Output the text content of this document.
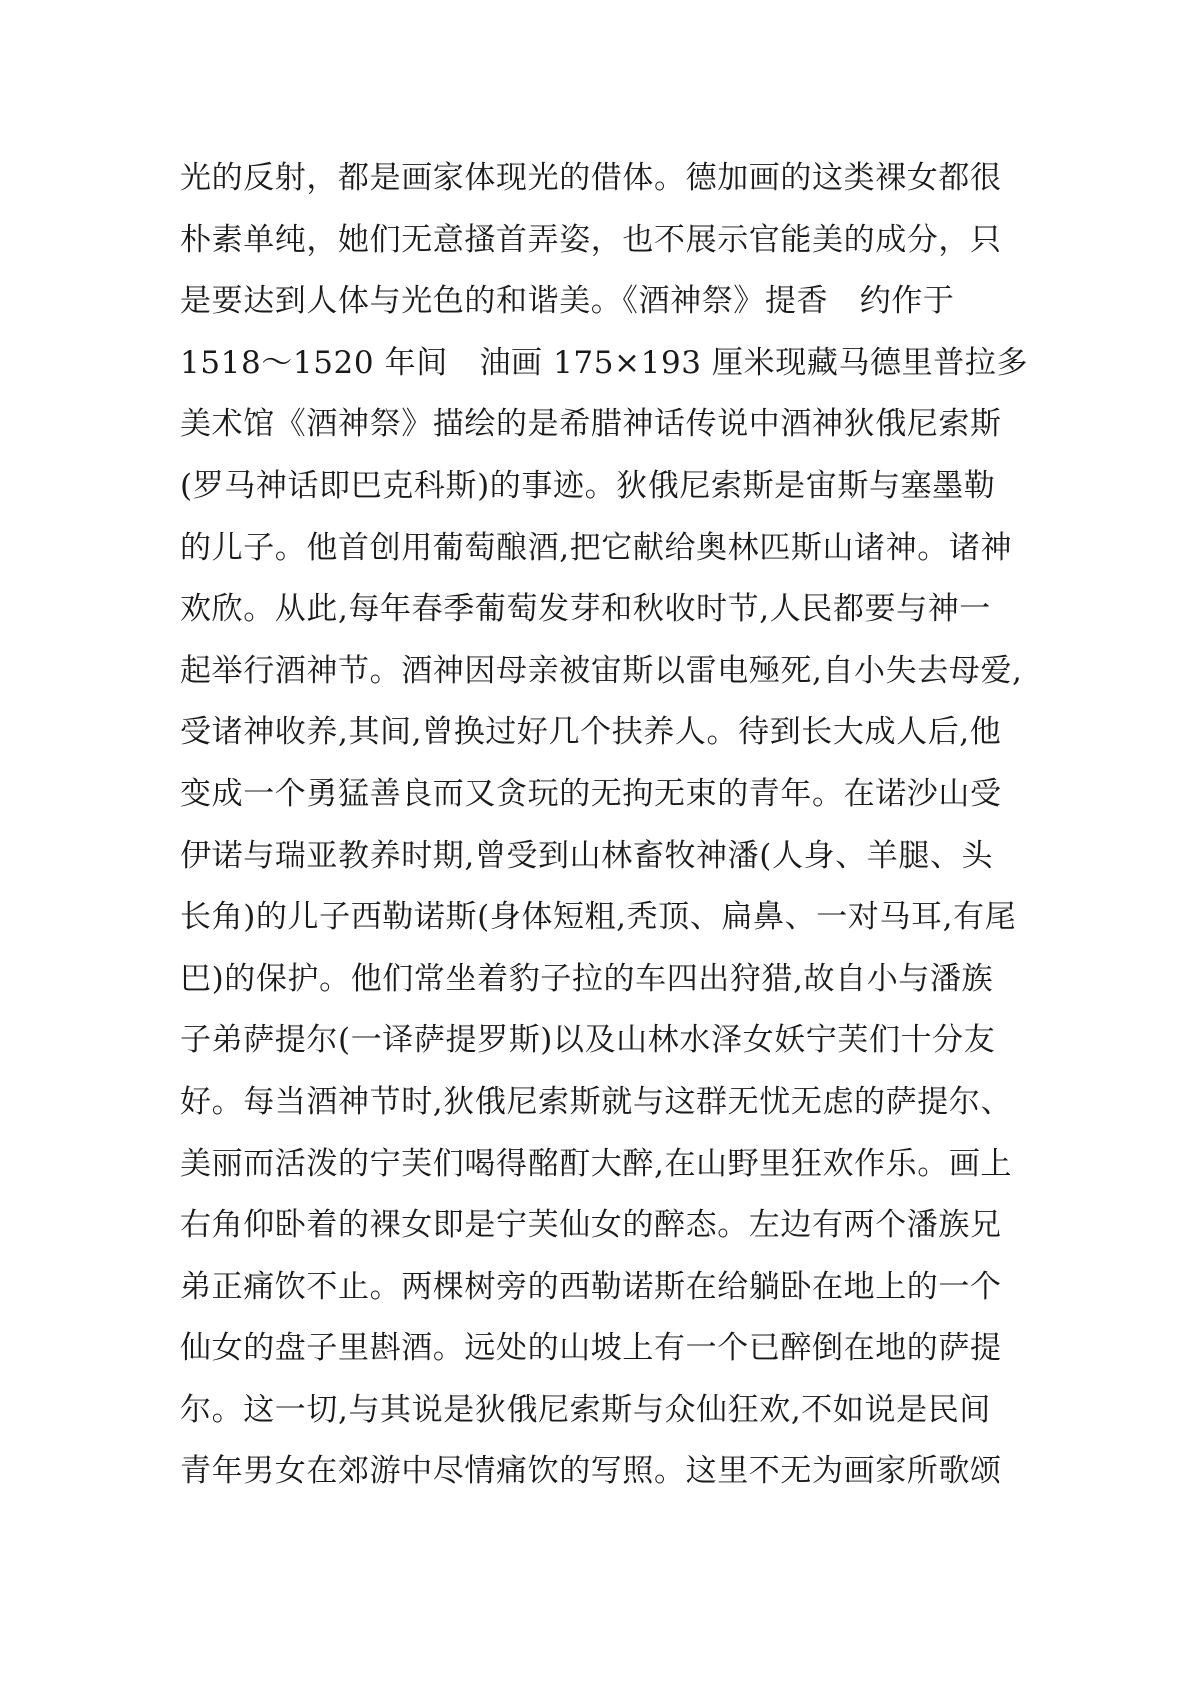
光的反射，都是画家体现光的借体。德加画的这类裸女都很
朴素单纯，她们无意搔首弄姿，也不展示官能美的成分，只
是要达到人体与光色的和谐美。《酒神祭》提香　约作于
1518～1520 年间　油画 175×193 厘米现藏马德里普拉多
美术馆《酒神祭》描绘的是希腊神话传说中酒神狄俄尼索斯
(罗马神话即巴克科斯)的事迹。狄俄尼索斯是宙斯与塞墨勒
的儿子。他首创用葡萄酿酒,把它献给奥林匹斯山诸神。诸神
欢欣。从此,每年春季葡萄发芽和秋收时节,人民都要与神一
起举行酒神节。酒神因母亲被宙斯以雷电殛死,自小失去母爱,
受诸神收养,其间,曾换过好几个扶养人。待到长大成人后,他
变成一个勇猛善良而又贪玩的无拘无束的青年。在诺沙山受
伊诺与瑞亚教养时期,曾受到山林畜牧神潘(人身、羊腿、头
长角)的儿子西勒诺斯(身体短粗,秃顶、扁鼻、一对马耳,有尾
巴)的保护。他们常坐着豹子拉的车四出狩猎,故自小与潘族
子弟萨提尔(一译萨提罗斯)以及山林水泽女妖宁芙们十分友
好。每当酒神节时,狄俄尼索斯就与这群无忧无虑的萨提尔、
美丽而活泼的宁芙们喝得酩酊大醉,在山野里狂欢作乐。画上
右角仰卧着的裸女即是宁芙仙女的醉态。左边有两个潘族兄
弟正痛饮不止。两棵树旁的西勒诺斯在给躺卧在地上的一个
仙女的盘子里斟酒。远处的山坡上有一个已醉倒在地的萨提
尔。这一切,与其说是狄俄尼索斯与众仙狂欢,不如说是民间
青年男女在郊游中尽情痛饮的写照。这里不无为画家所歌颂
